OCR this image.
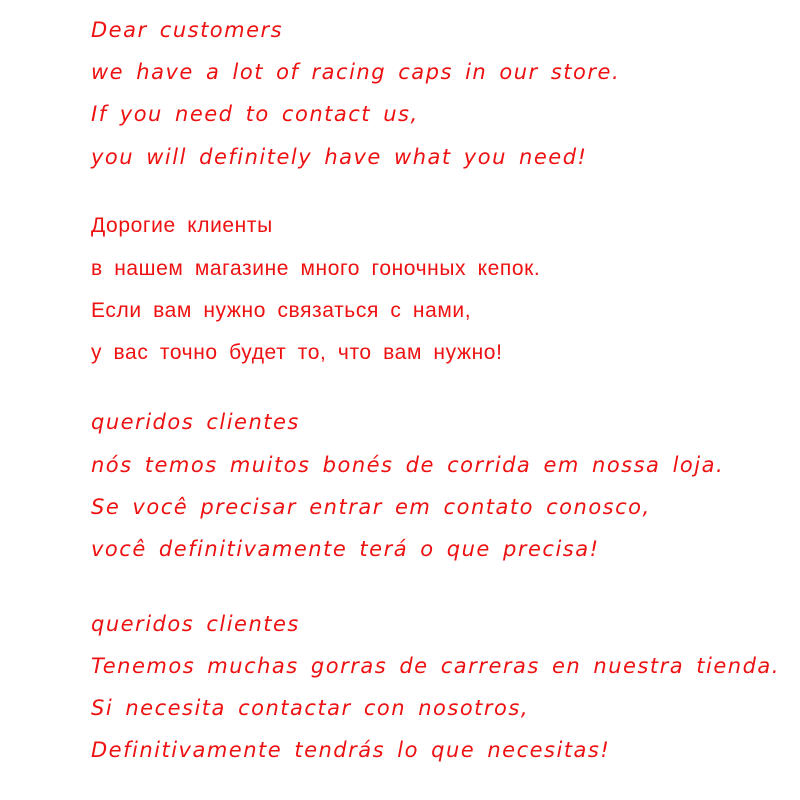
Dear customers

we have a lot of racing caps in our store.

If you need to contact us,

you will definitely have what you need!

Дорогие клиенты

в нашем магазине много гоночных кепок.

Если вам нужно связаться с нами,

у вас точно будет то, что вам нужно!

queridos clientes

nós temos muitos bonés de corrida em nossa loja.

Se você precisar entrar em contato conosco,

você definitivamente terá o que precisa!

queridos clientes

Tenemos muchas gorras de carreras en nuestra tienda.

Si necesita contactar con nosotros,

Definitivamente tendrás lo que necesitas!
